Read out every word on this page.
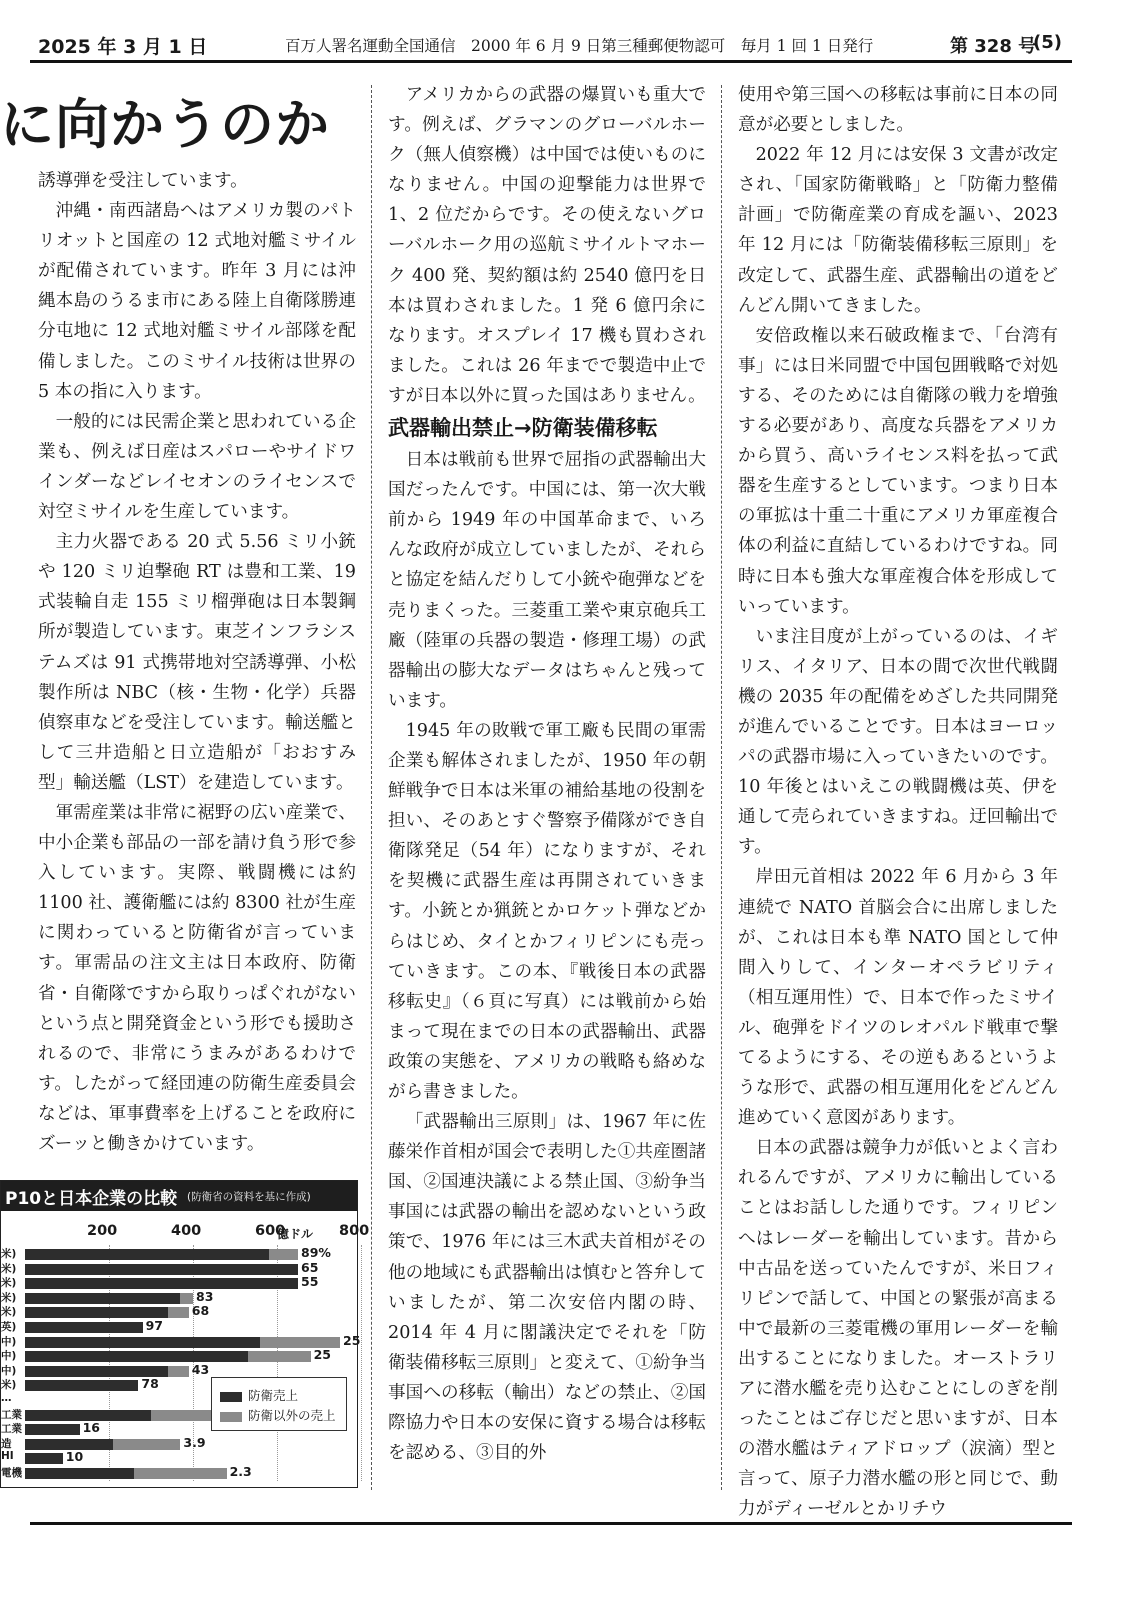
2025 年 3 月 1 日	百万人署名運動全国通信　2000 年 6 月 9 日第三種郵便物認可　毎月 1 回 1 日発行	第 328 号
(5)
に向かうのか

誘導弾を受注しています。

沖縄・南西諸島へはアメリカ製のパトリオットと国産の 12 式地対艦ミサイルが配備されています。昨年 3 月には沖縄本島のうるま市にある陸上自衛隊勝連分屯地に 12 式地対艦ミサイル部隊を配備しました。このミサイル技術は世界の 5 本の指に入ります。

一般的には民需企業と思われている企業も、例えば日産はスパローやサイドワインダーなどレイセオンのライセンスで対空ミサイルを生産しています。

主力火器である 20 式 5.56 ミリ小銃や 120 ミリ迫撃砲 RT は豊和工業、19 式装輪自走 155 ミリ榴弾砲は日本製鋼所が製造しています。東芝インフラシステムズは 91 式携帯地対空誘導弾、小松製作所は NBC（核・生物・化学）兵器偵察車などを受注しています。輸送艦として三井造船と日立造船が「おおすみ型」輸送艦（LST）を建造しています。

軍需産業は非常に裾野の広い産業で、中小企業も部品の一部を請け負う形で参入しています。実際、戦闘機には約 1100 社、護衛艦には約 8300 社が生産に関わっていると防衛省が言っています。軍需品の注文主は日本政府、防衛省・自衛隊ですから取りっぱぐれがないという点と開発資金という形でも援助されるので、非常にうまみがあるわけです。したがって経団連の防衛生産委員会などは、軍事費率を上げることを政府にズーッと働きかけています。

アメリカからの武器の爆買いも重大です。例えば、グラマンのグローバルホーク（無人偵察機）は中国では使いものになりません。中国の迎撃能力は世界で 1、2 位だからです。その使えないグローバルホーク用の巡航ミサイルトマホーク 400 発、契約額は約 2540 億円を日本は買わされました。1 発 6 億円余になります。オスプレイ 17 機も買わされました。これは 26 年までで製造中止ですが日本以外に買った国はありません。

武器輸出禁止→防衛装備移転

日本は戦前も世界で屈指の武器輸出大国だったんです。中国には、第一次大戦前から 1949 年の中国革命まで、いろんな政府が成立していましたが、それらと協定を結んだりして小銃や砲弾などを売りまくった。三菱重工業や東京砲兵工廠（陸軍の兵器の製造・修理工場）の武器輸出の膨大なデータはちゃんと残っています。

1945 年の敗戦で軍工廠も民間の軍需企業も解体されましたが、1950 年の朝鮮戦争で日本は米軍の補給基地の役割を担い、そのあとすぐ警察予備隊ができ自衛隊発足（54 年）になりますが、それを契機に武器生産は再開されていきます。小銃とか猟銃とかロケット弾などからはじめ、タイとかフィリピンにも売っていきます。この本、『戦後日本の武器移転史』（６頁に写真）には戦前から始まって現在までの日本の武器輸出、武器政策の実態を、アメリカの戦略も絡めながら書きました。

「武器輸出三原則」は、1967 年に佐藤栄作首相が国会で表明した①共産圏諸国、②国連決議による禁止国、③紛争当事国には武器の輸出を認めないという政策で、1976 年には三木武夫首相がその他の地域にも武器輸出は慎むと答弁していましたが、第二次安倍内閣の時、2014 年 4 月に閣議決定でそれを「防衛装備移転三原則」と変えて、①紛争当事国への移転（輸出）などの禁止、②国際協力や日本の安保に資する場合は移転を認める、③目的外

使用や第三国への移転は事前に日本の同意が必要としました。

2022 年 12 月には安保 3 文書が改定され、「国家防衛戦略」と「防衛力整備計画」で防衛産業の育成を謳い、2023 年 12 月には「防衛装備移転三原則」を改定して、武器生産、武器輸出の道をどんどん開いてきました。

安倍政権以来石破政権まで、「台湾有事」には日米同盟で中国包囲戦略で対処する、そのためには自衛隊の戦力を増強する必要があり、高度な兵器をアメリカから買う、高いライセンス料を払って武器を生産するとしています。つまり日本の軍拡は十重二十重にアメリカ軍産複合体の利益に直結しているわけですね。同時に日本も強大な軍産複合体を形成していっています。

いま注目度が上がっているのは、イギリス、イタリア、日本の間で次世代戦闘機の 2035 年の配備をめざした共同開発が進んでいることです。日本はヨーロッパの武器市場に入っていきたいのです。10 年後とはいえこの戦闘機は英、伊を通して売られていきますね。迂回輸出です。

岸田元首相は 2022 年 6 月から 3 年連続で NATO 首脳会合に出席しましたが、これは日本も準 NATO 国として仲間入りして、インターオペラビリティ（相互運用性）で、日本で作ったミサイル、砲弾をドイツのレオパルド戦車で撃てるようにする、その逆もあるというような形で、武器の相互運用化をどんどん進めていく意図があります。

日本の武器は競争力が低いとよく言われるんですが、アメリカに輸出していることはお話しした通りです。フィリピンへはレーダーを輸出しています。昔から中古品を送っていたんですが、米日フィリピンで話して、中国との緊張が高まる中で最新の三菱電機の軍用レーダーを輸出することになりました。オーストラリアに潜水艦を売り込むことにしのぎを削ったことはご存じだと思いますが、日本の潜水艦はティアドロップ（涙滴）型と言って、原子力潜水艦の形と同じで、動力がディーゼルとかリチウ

P10と日本企業の比較 (防衛省の資料を基に作成)
200	400	600	800
米)	89%
米)	65
米)	55
米)	83
米)	68
英)	97
中)	25
中)	25
中)	43
米)	78
…
工業
工業	16
造	3.9
HI	10
電機	2.3
億ドル
防衛売上
防衛以外の売上
